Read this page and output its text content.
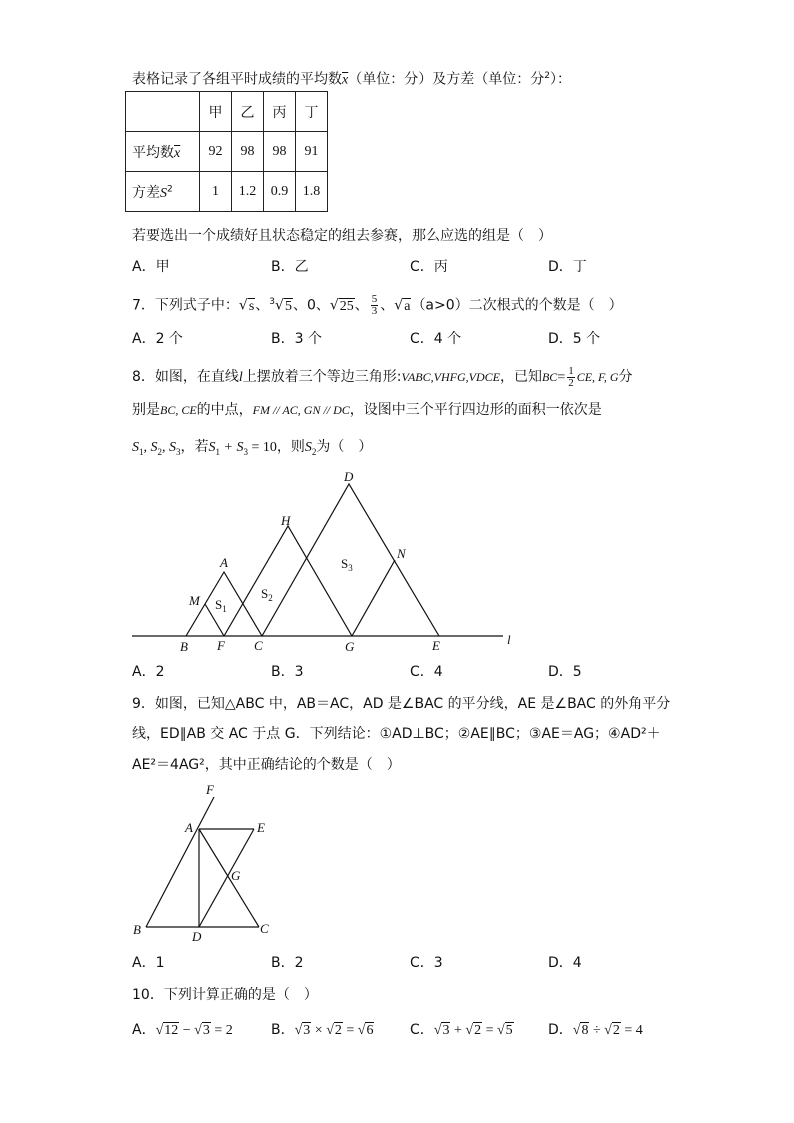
表格记录了各组平时成绩的平均数$\overline{x}$（单位：分）及方差（单位：分$^2$）：
	甲	乙	丙	丁
平均数$\overline{x}$	92	98	98	91
方差$S^2$	1	1.2	0.9	1.8
若要选出一个成绩好且状态稳定的组去参赛，那么应选的组是（　）
A．甲	B．乙	C．丙	D．丁
7．下列式子中：√s、$^3$√5、0、√25、 $\frac{5}{3}$ 、√a（a>0）二次根式的个数是（　）
A．2 个	B．3 个	C．4 个	D．5 个
8．如图，在直线l上摆放着三个等边三角形:VABC,VHFG,VDCE，已知$BC= \frac{1}{2}$ CE, F, G分
别是BC, CE的中点，FM // AC, GN // DC，设图中三个平行四边形的面积一依次是
$S_1$, $S_2$, $S_3$，若$S_1 + S_3 = 10$，则$S_2$为（　）
B F C	G	E	l
A
M
H
D
N
$S_1$
$S_2$
$S_3$
A．2	B．3	C．4	D．5
9．如图，已知△ABC 中，AB＝AC，AD 是∠BAC 的平分线，AE 是∠BAC 的外角平分
线，ED∥AB 交 AC 于点 G．下列结论：①AD⊥BC；②AE∥BC；③AE＝AG；④AD²＋
AE²＝4AG²，其中正确结论的个数是（　）
F
A	E
G
B	D
C
A．1	B．2	C．3	D．4
10．下列计算正确的是（　）
A．√12 − √3 = 2	B．√3 × √2 = √6	C．√3 + √2 = √5	D．√8 ÷ √2 = 4
